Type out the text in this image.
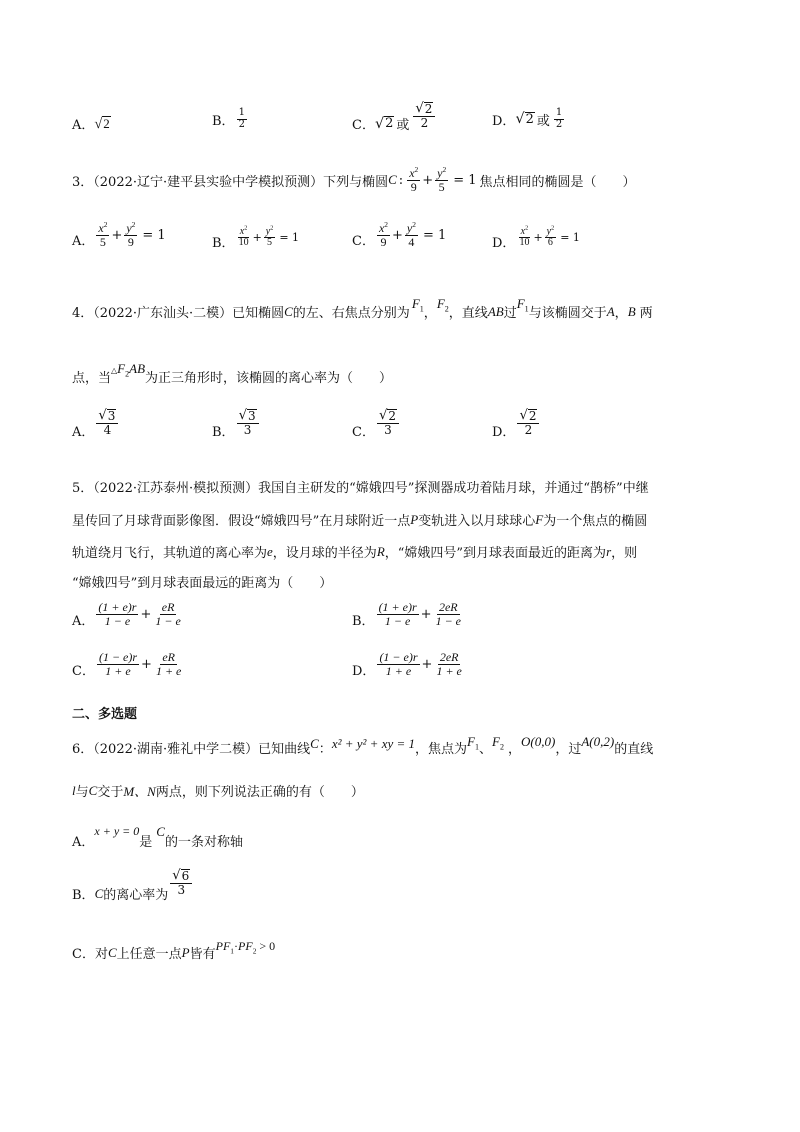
A． √ 2	B． $\frac{1}{2}$	C． √ 2 或 $\frac{√ 2}{2}$	D． √ 2 或 $\frac{1}{2}$
3．（2022·辽宁·建平县实验中学模拟预测）下列与椭圆 C : $\frac{x^2}{9} + \frac{y^2}{5} = 1$ 焦点相同的椭圆是（　　）
A． $\frac{x^2}{5} + \frac{y^2}{9} = 1$
B． $\frac{x^2}{10} + \frac{y^2}{5} = 1$	C． $\frac{x^2}{9} + \frac{y^2}{4} = 1$
D． $\frac{x^2}{10} + \frac{y^2}{6} = 1$
4．（2022·广东汕头·二模）已知椭圆 C 的左、右焦点分别为
$F_1$ ，
$F_2$ ，直线 AB 过
$F_1$ 与该椭圆交于 A ， B 两
点，当
$\triangle F_2AB$
为正三角形时，该椭圆的离心率为（　　）
A． $\frac{√ 3}{4}$	B． $\frac{√ 3}{3}$	C． $\frac{√ 2}{3}$	D． $\frac{√ 2}{2}$
5．（2022·江苏泰州·模拟预测）我国自主研发的“嫦娥四号”探测器成功着陆月球，并通过“鹊桥”中继
星传回了月球背面影像图．假设“嫦娥四号”在月球附近一点 P 变轨进入以月球球心 F 为一个焦点的椭圆
轨道绕月飞行，其轨道的离心率为 e ，设月球的半径为 R ，“嫦娥四号”到月球表面最近的距离为 r ，则
“嫦娥四号”到月球表面最远的距离为（　　）
A． $\frac{(1 + e)r}{1 - e} + \frac{eR}{1 - e}$	B． $\frac{(1 + e)r}{1 - e} + \frac{2eR}{1 - e}$
C． $\frac{(1 - e)r}{1 + e} + \frac{eR}{1 + e}$	D． $\frac{(1 - e)r}{1 + e} + \frac{2eR}{1 + e}$
二、多选题
6．（2022·湖南·雅礼中学二模）已知曲线 C ： x² + y² + xy = 1 ，焦点为
$F_1$ 、
$F_2$ ，
O(0,0)
，过
A(0,2)
的直线
l 与 C 交于 M、N 两点，则下列说法正确的有（　　）
A．
x + y = 0
是
C
的一条对称轴
B． C 的离心率为 $\frac{√ 6}{3}$
C． 对 C 上任意一点 P 皆有
$PF_1\cdot PF_2 > 0$
